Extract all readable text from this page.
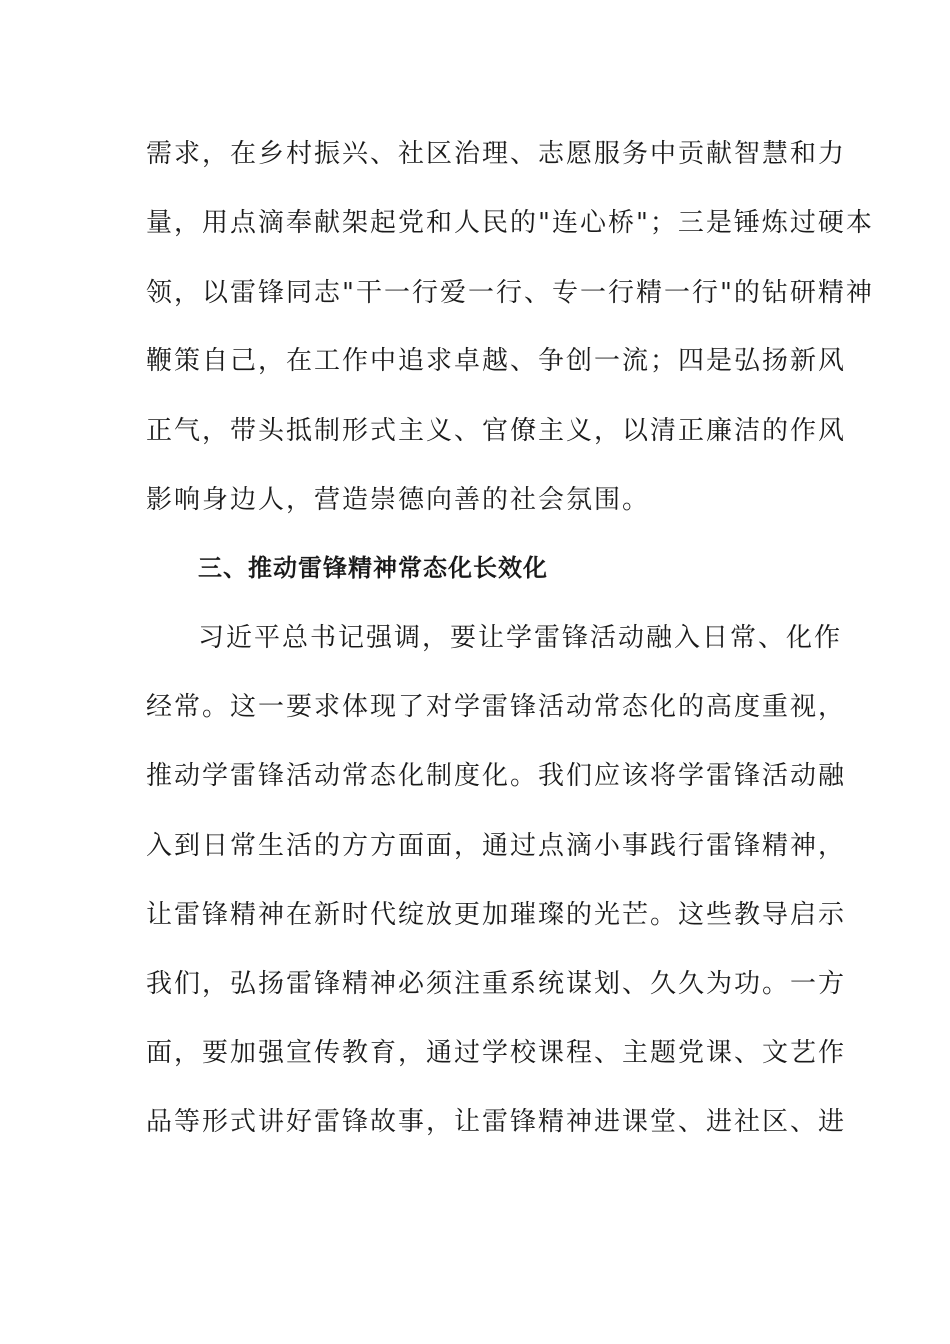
需求，在乡村振兴、社区治理、志愿服务中贡献智慧和力
量，用点滴奉献架起党和人民的"连心桥"；三是锤炼过硬本
领，以雷锋同志"干一行爱一行、专一行精一行"的钻研精神
鞭策自己，在工作中追求卓越、争创一流；四是弘扬新风
正气，带头抵制形式主义、官僚主义，以清正廉洁的作风
影响身边人，营造崇德向善的社会氛围。
三、推动雷锋精神常态化长效化
习近平总书记强调，要让学雷锋活动融入日常、化作
经常。这一要求体现了对学雷锋活动常态化的高度重视，
推动学雷锋活动常态化制度化。我们应该将学雷锋活动融
入到日常生活的方方面面，通过点滴小事践行雷锋精神，
让雷锋精神在新时代绽放更加璀璨的光芒。这些教导启示
我们，弘扬雷锋精神必须注重系统谋划、久久为功。一方
面，要加强宣传教育，通过学校课程、主题党课、文艺作
品等形式讲好雷锋故事，让雷锋精神进课堂、进社区、进
